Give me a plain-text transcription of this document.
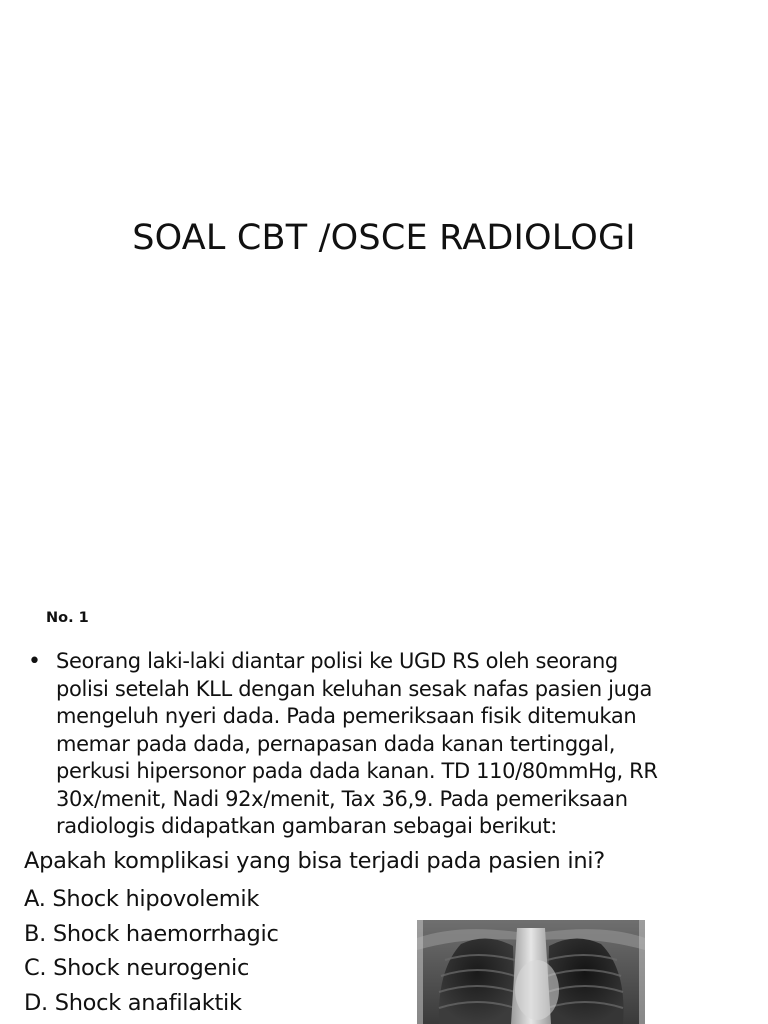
SOAL CBT /OSCE RADIOLOGI
No. 1
• Seorang laki-laki diantar polisi ke UGD RS oleh seorang
polisi setelah KLL dengan keluhan sesak nafas pasien juga
mengeluh nyeri dada. Pada pemeriksaan fisik ditemukan
memar pada dada, pernapasan dada kanan tertinggal,
perkusi hipersonor pada dada kanan. TD 110/80mmHg, RR
30x/menit, Nadi 92x/menit, Tax 36,9. Pada pemeriksaan
radiologis didapatkan gambaran sebagai berikut:
Apakah komplikasi yang bisa terjadi pada pasien ini?
A. Shock hipovolemik
B. Shock haemorrhagic
C. Shock neurogenic
D. Shock anafilaktik
